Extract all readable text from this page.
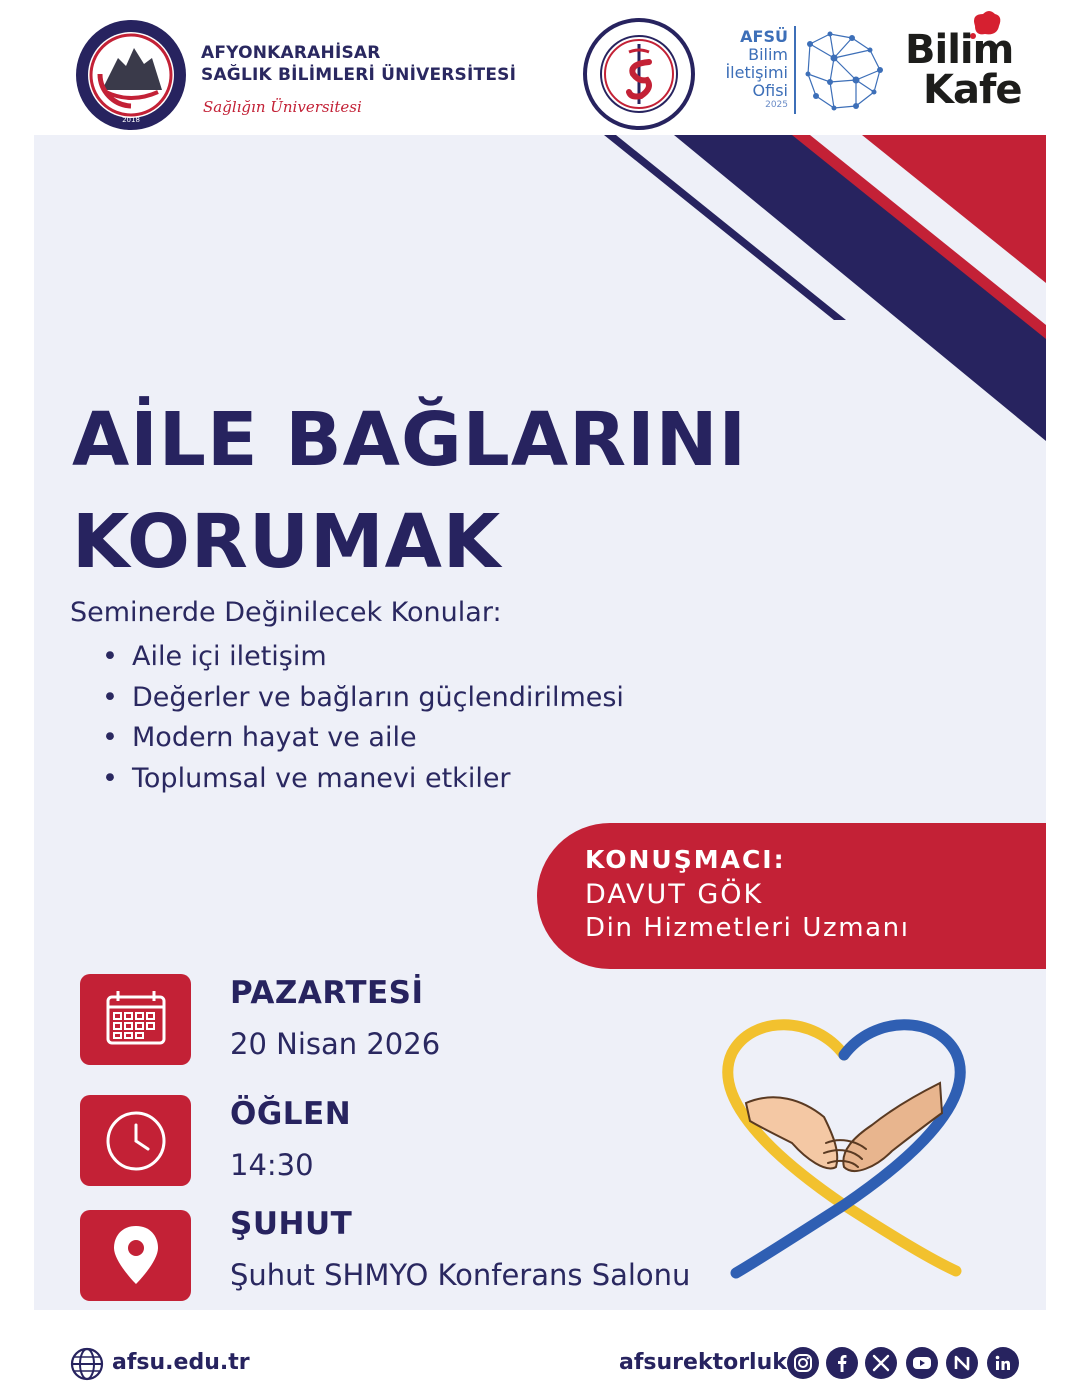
2018
AFYONKARAHİSAR
SAĞLIK BİLİMLERİ ÜNİVERSİTESİ
Sağlığın Üniversitesi
AFSÜ
Bilim
İletişimi
Ofisi
2025
Bilim
Kafe
AİLE BAĞLARINI
KORUMAK
Seminerde Değinilecek Konular:
• Aile içi iletişim
• Değerler ve bağların güçlendirilmesi
• Modern hayat ve aile
• Toplumsal ve manevi etkiler
KONUŞMACI:
DAVUT GÖK
Din Hizmetleri Uzmanı
PAZARTESİ
20 Nisan 2026
ÖĞLEN
14:30
ŞUHUT
Şuhut SHMYO Konferans Salonu
afsu.edu.tr	afsurektorluk
